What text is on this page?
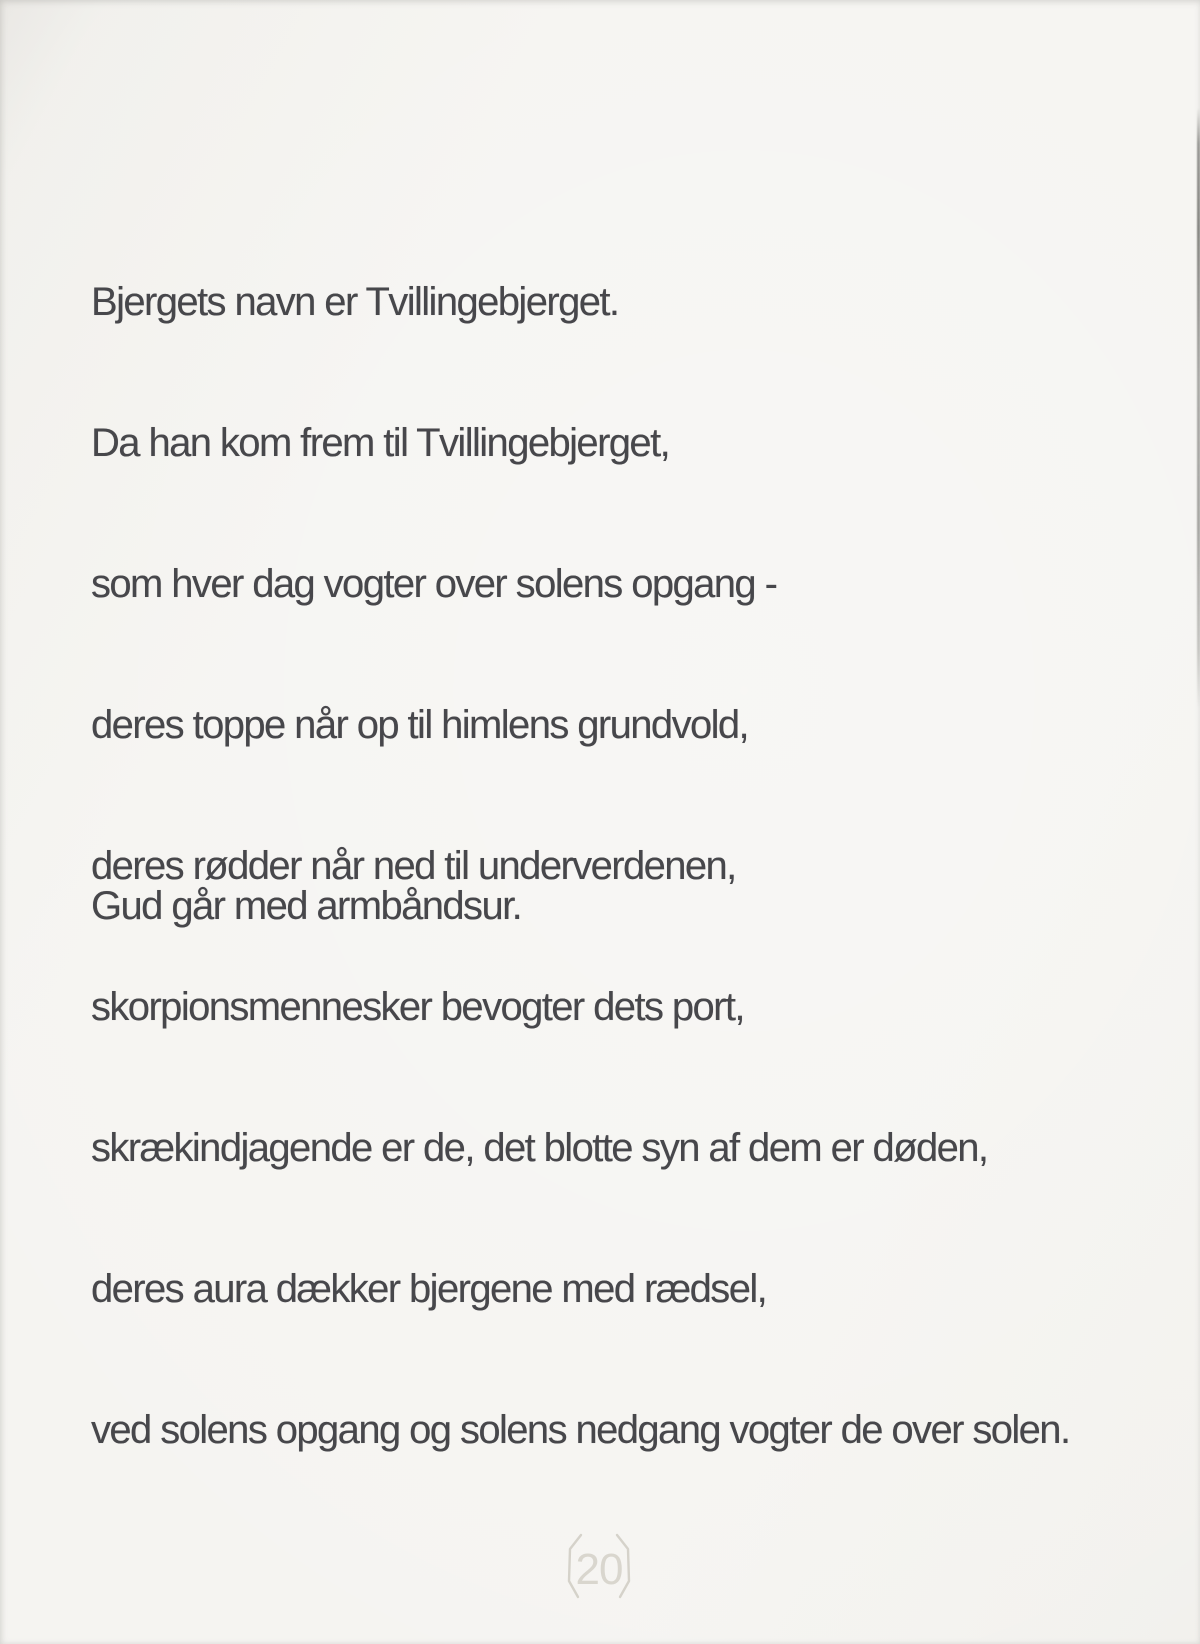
Bjergets navn er Tvillingebjerget.

Da han kom frem til Tvillingebjerget,

som hver dag vogter over solens opgang -

deres toppe når op til himlens grundvold,

deres rødder når ned til underverdenen,

skorpionsmennesker bevogter dets port,

skrækindjagende er de, det blotte syn af dem er døden,

deres aura dækker bjergene med rædsel,

ved solens opgang og solens nedgang vogter de over solen.

Gud går med armbåndsur.

20
